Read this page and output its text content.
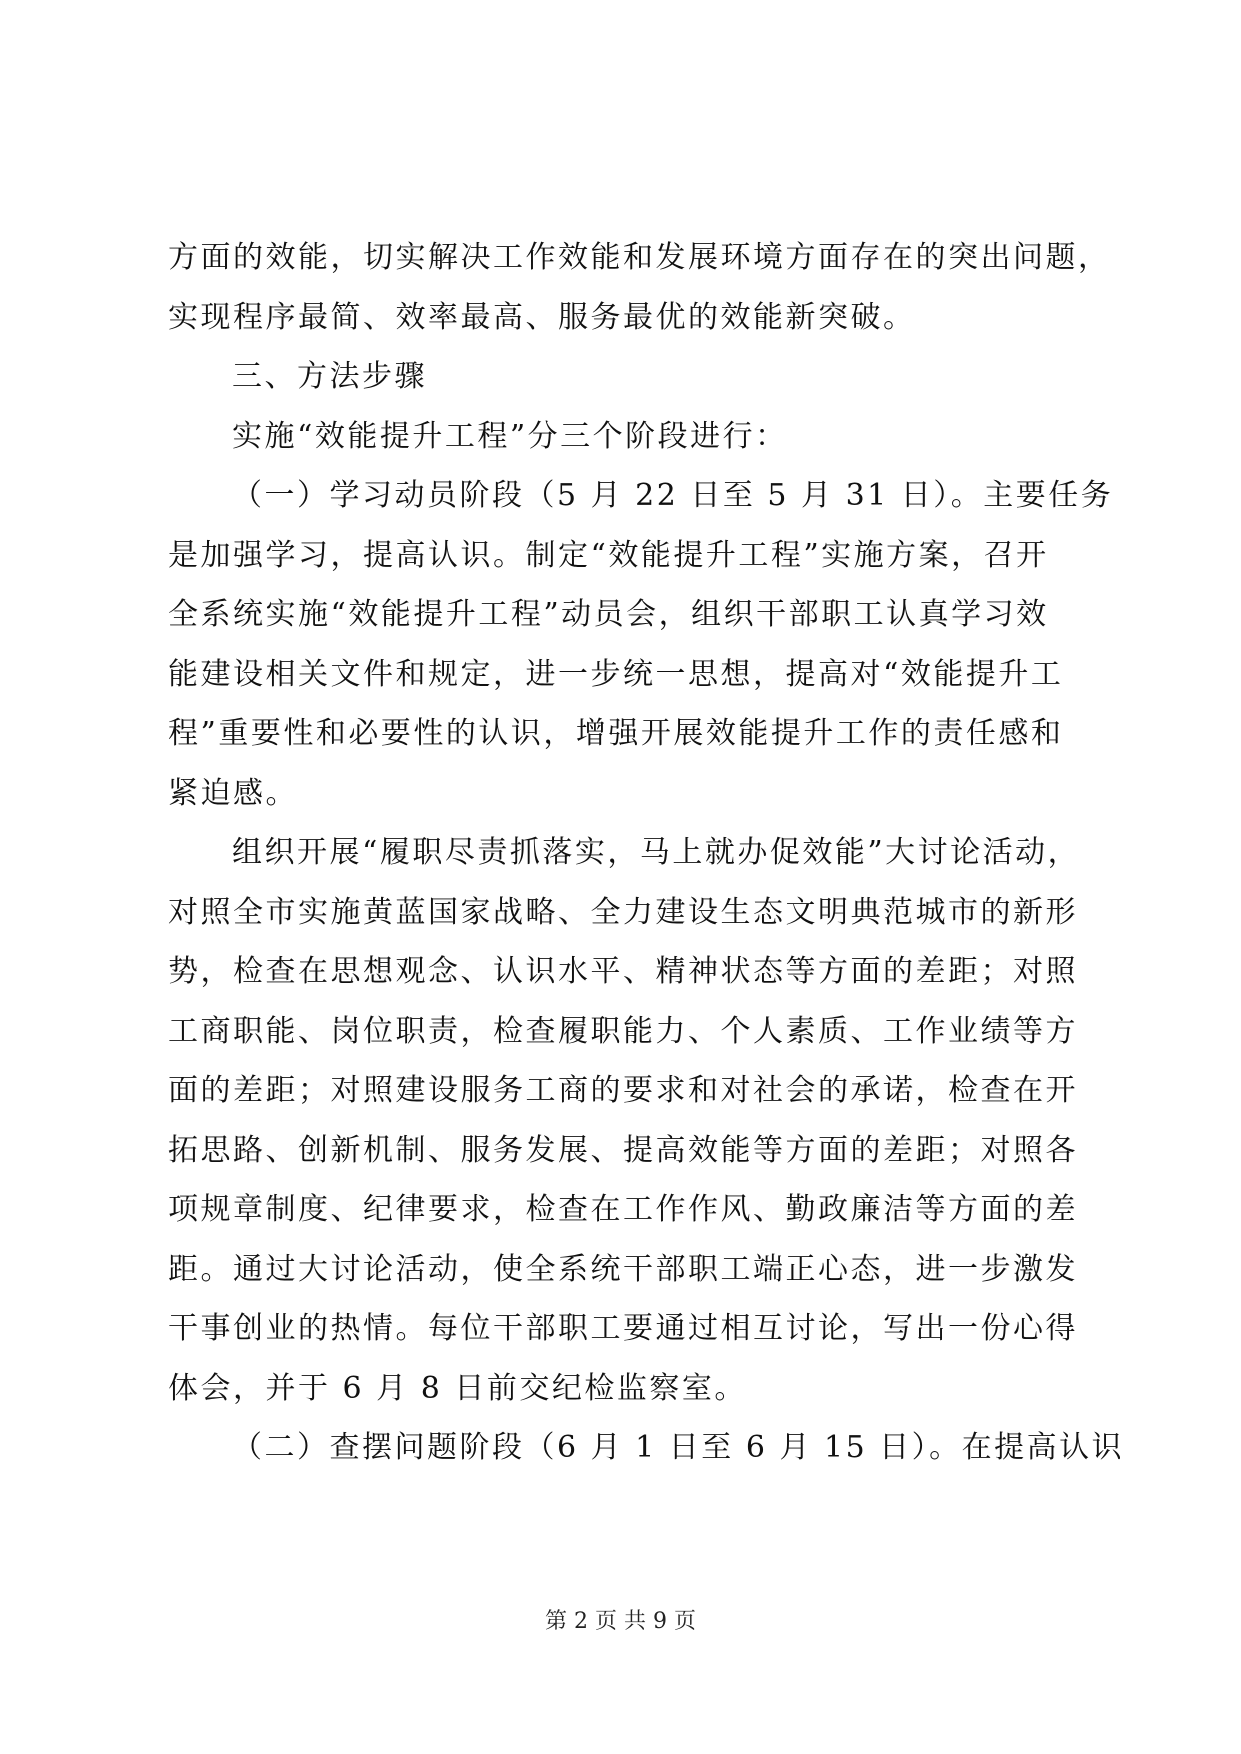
方面的效能，切实解决工作效能和发展环境方面存在的突出问题，
实现程序最简、效率最高、服务最优的效能新突破。
三、方法步骤
实施“效能提升工程”分三个阶段进行：
（一）学习动员阶段（5 月 22 日至 5 月 31 日）。主要任务
是加强学习，提高认识。制定“效能提升工程”实施方案，召开
全系统实施“效能提升工程”动员会，组织干部职工认真学习效
能建设相关文件和规定，进一步统一思想，提高对“效能提升工
程”重要性和必要性的认识，增强开展效能提升工作的责任感和
紧迫感。
组织开展“履职尽责抓落实，马上就办促效能”大讨论活动，
对照全市实施黄蓝国家战略、全力建设生态文明典范城市的新形
势，检查在思想观念、认识水平、精神状态等方面的差距；对照
工商职能、岗位职责，检查履职能力、个人素质、工作业绩等方
面的差距；对照建设服务工商的要求和对社会的承诺，检查在开
拓思路、创新机制、服务发展、提高效能等方面的差距；对照各
项规章制度、纪律要求，检查在工作作风、勤政廉洁等方面的差
距。通过大讨论活动，使全系统干部职工端正心态，进一步激发
干事创业的热情。每位干部职工要通过相互讨论，写出一份心得
体会，并于 6 月 8 日前交纪检监察室。
（二）查摆问题阶段（6 月 1 日至 6 月 15 日）。在提高认识
第 2 页 共 9 页
